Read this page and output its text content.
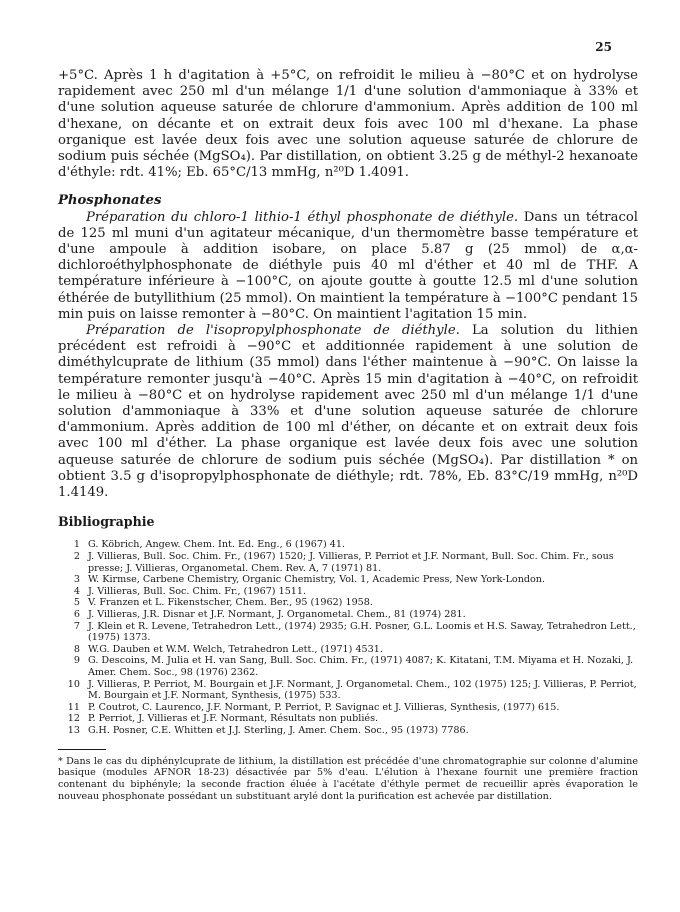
25

+5°C. Après 1 h d'agitation à +5°C, on refroidit le milieu à −80°C et on hydrolyse rapidement avec 250 ml d'un mélange 1/1 d'une solution d'ammoniaque à 33% et d'une solution aqueuse saturée de chlorure d'ammonium. Après addition de 100 ml d'hexane, on décante et on extrait deux fois avec 100 ml d'hexane. La phase organique est lavée deux fois avec une solution aqueuse saturée de chlorure de sodium puis séchée (MgSO₄). Par distillation, on obtient 3.25 g de méthyl-2 hexanoate d'éthyle: rdt. 41%; Eb. 65°C/13 mmHg, n²⁰D 1.4091.

Phosphonates

Préparation du chloro-1 lithio-1 éthyl phosphonate de diéthyle. Dans un tétracol de 125 ml muni d'un agitateur mécanique, d'un thermomètre basse température et d'une ampoule à addition isobare, on place 5.87 g (25 mmol) de α,α-dichloroéthylphosphonate de diéthyle puis 40 ml d'éther et 40 ml de THF. A température inférieure à −100°C, on ajoute goutte à goutte 12.5 ml d'une solution éthérée de butyllithium (25 mmol). On maintient la température à −100°C pendant 15 min puis on laisse remonter à −80°C. On maintient l'agitation 15 min.

Préparation de l'isopropylphosphonate de diéthyle. La solution du lithien précédent est refroidi à −90°C et additionnée rapidement à une solution de diméthylcuprate de lithium (35 mmol) dans l'éther maintenue à −90°C. On laisse la température remonter jusqu'à −40°C. Après 15 min d'agitation à −40°C, on refroidit le milieu à −80°C et on hydrolyse rapidement avec 250 ml d'un mélange 1/1 d'une solution d'ammoniaque à 33% et d'une solution aqueuse saturée de chlorure d'ammonium. Après addition de 100 ml d'éther, on décante et on extrait deux fois avec 100 ml d'éther. La phase organique est lavée deux fois avec une solution aqueuse saturée de chlorure de sodium puis séchée (MgSO₄). Par distillation * on obtient 3.5 g d'isopropylphosphonate de diéthyle; rdt. 78%, Eb. 83°C/19 mmHg, n²⁰D 1.4149.

Bibliographie

1 G. Köbrich, Angew. Chem. Int. Ed. Eng., 6 (1967) 41.
2 J. Villieras, Bull. Soc. Chim. Fr., (1967) 1520; J. Villieras, P. Perriot et J.F. Normant, Bull. Soc. Chim. Fr., sous presse; J. Villieras, Organometal. Chem. Rev. A, 7 (1971) 81.
3 W. Kirmse, Carbene Chemistry, Organic Chemistry, Vol. 1, Academic Press, New York-London.
4 J. Villieras, Bull. Soc. Chim. Fr., (1967) 1511.
5 V. Franzen et L. Fikenstscher, Chem. Ber., 95 (1962) 1958.
6 J. Villieras, J.R. Disnar et J.F. Normant, J. Organometal. Chem., 81 (1974) 281.
7 J. Klein et R. Levene, Tetrahedron Lett., (1974) 2935; G.H. Posner, G.L. Loomis et H.S. Saway, Tetrahedron Lett., (1975) 1373.
8 W.G. Dauben et W.M. Welch, Tetrahedron Lett., (1971) 4531.
9 G. Descoins, M. Julia et H. van Sang, Bull. Soc. Chim. Fr., (1971) 4087; K. Kitatani, T.M. Miyama et H. Nozaki, J. Amer. Chem. Soc., 98 (1976) 2362.
10 J. Villieras, P. Perriot, M. Bourgain et J.F. Normant, J. Organometal. Chem., 102 (1975) 125; J. Villieras, P. Perriot, M. Bourgain et J.F. Normant, Synthesis, (1975) 533.
11 P. Coutrot, C. Laurenco, J.F. Normant, P. Perriot, P. Savignac et J. Villieras, Synthesis, (1977) 615.
12 P. Perriot, J. Villieras et J.F. Normant, Résultats non publiés.
13 G.H. Posner, C.E. Whitten et J.J. Sterling, J. Amer. Chem. Soc., 95 (1973) 7786.

* Dans le cas du diphénylcuprate de lithium, la distillation est précédée d'une chromatographie sur colonne d'alumine basique (modules AFNOR 18-23) désactivée par 5% d'eau. L'élution à l'hexane fournit une première fraction contenant du biphényle; la seconde fraction éluée à l'acétate d'éthyle permet de recueillir après évaporation le nouveau phosphonate possédant un substituant arylé dont la purification est achevée par distillation.
